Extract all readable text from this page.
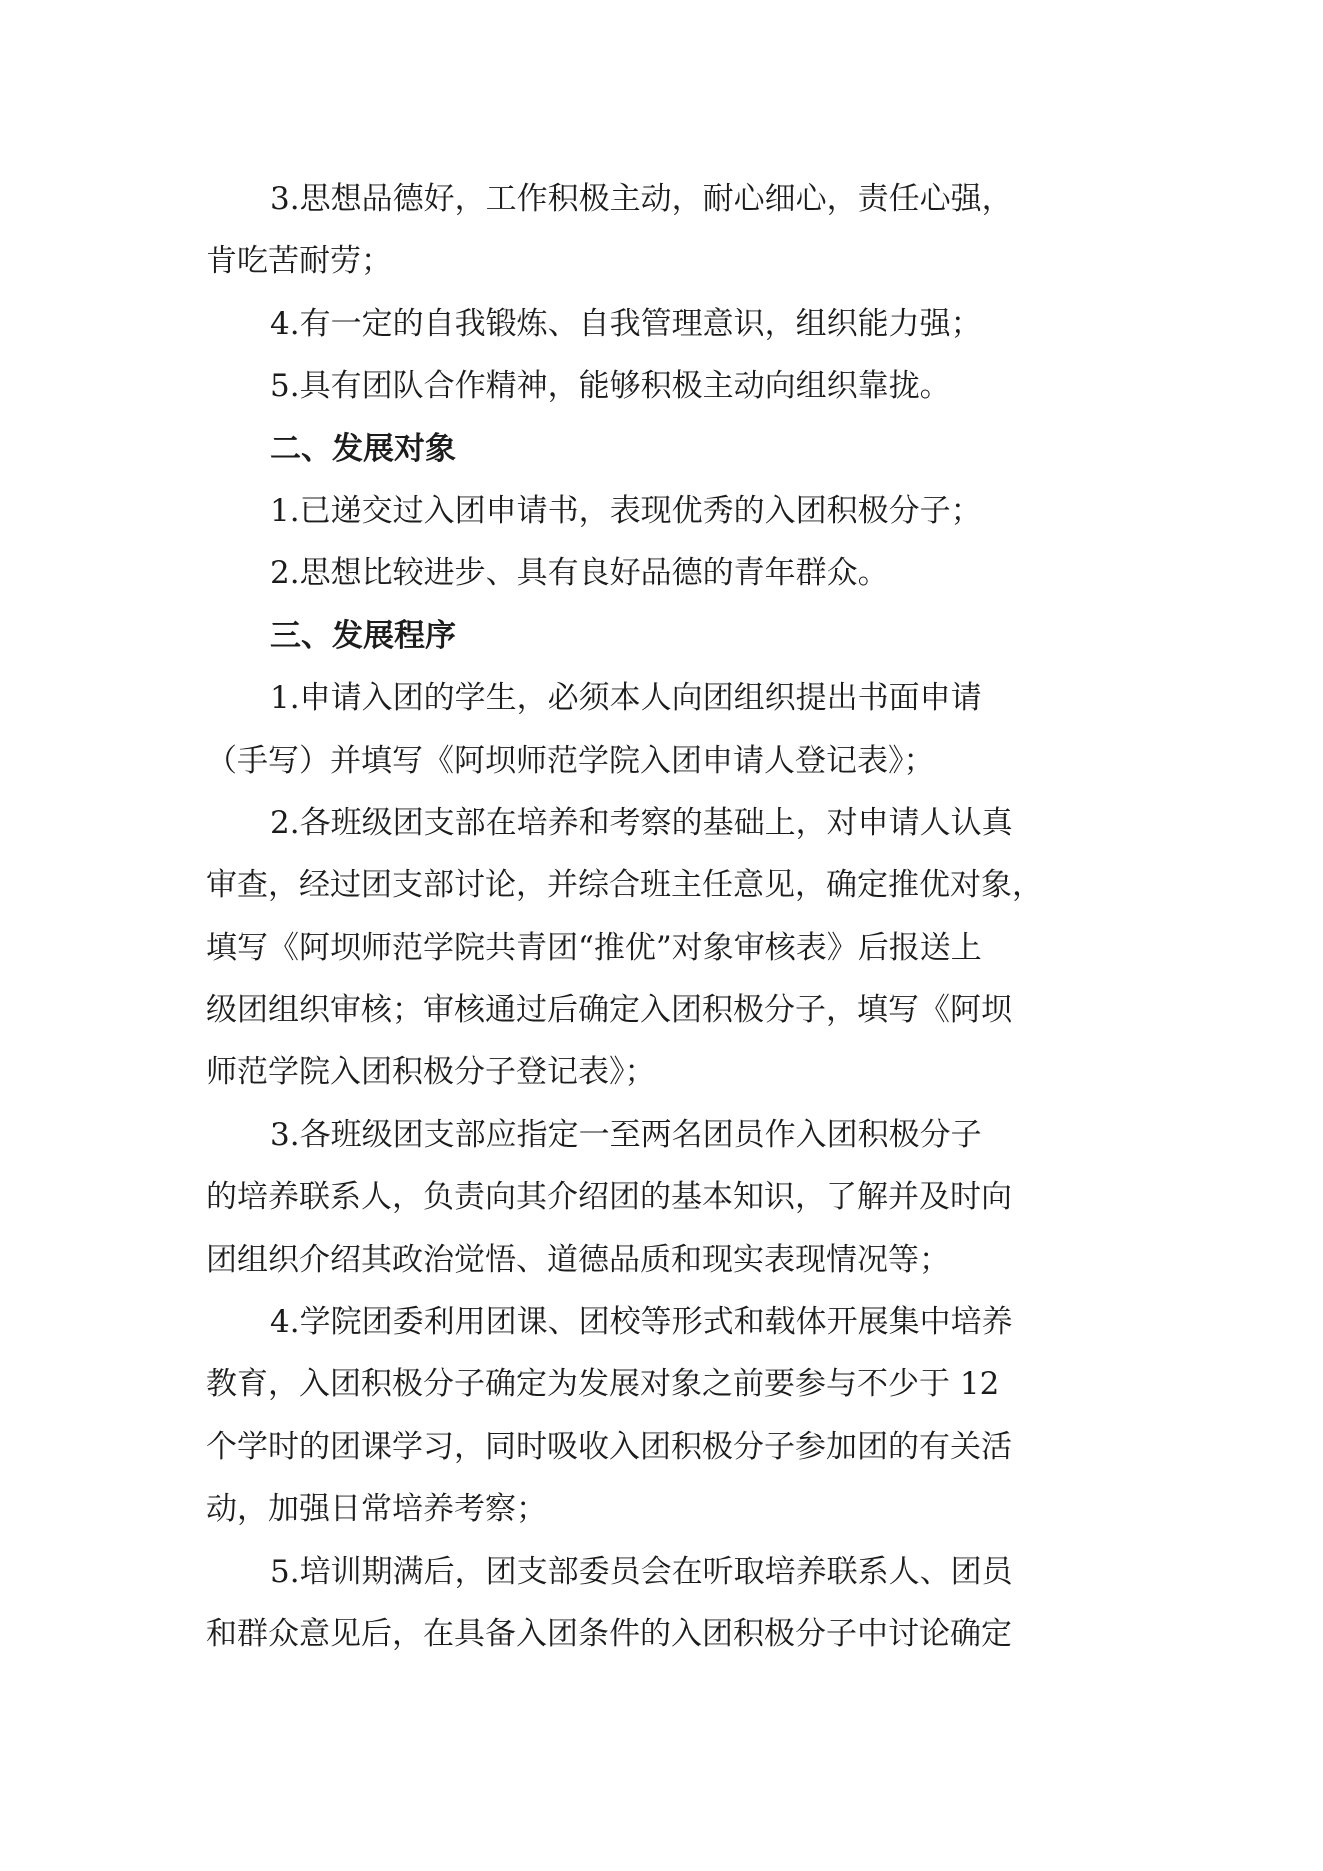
3.思想品德好，工作积极主动，耐心细心，责任心强，
肯吃苦耐劳；
4.有一定的自我锻炼、自我管理意识，组织能力强；
5.具有团队合作精神，能够积极主动向组织靠拢。
二、发展对象
1.已递交过入团申请书，表现优秀的入团积极分子；
2.思想比较进步、具有良好品德的青年群众。
三、发展程序
1.申请入团的学生，必须本人向团组织提出书面申请
（手写）并填写《阿坝师范学院入团申请人登记表》；
2.各班级团支部在培养和考察的基础上，对申请人认真
审查，经过团支部讨论，并综合班主任意见，确定推优对象，
填写《阿坝师范学院共青团“推优”对象审核表》后报送上
级团组织审核；审核通过后确定入团积极分子，填写《阿坝
师范学院入团积极分子登记表》；
3.各班级团支部应指定一至两名团员作入团积极分子
的培养联系人，负责向其介绍团的基本知识，了解并及时向
团组织介绍其政治觉悟、道德品质和现实表现情况等；
4.学院团委利用团课、团校等形式和载体开展集中培养
教育，入团积极分子确定为发展对象之前要参与不少于 12
个学时的团课学习，同时吸收入团积极分子参加团的有关活
动，加强日常培养考察；
5.培训期满后，团支部委员会在听取培养联系人、团员
和群众意见后，在具备入团条件的入团积极分子中讨论确定
